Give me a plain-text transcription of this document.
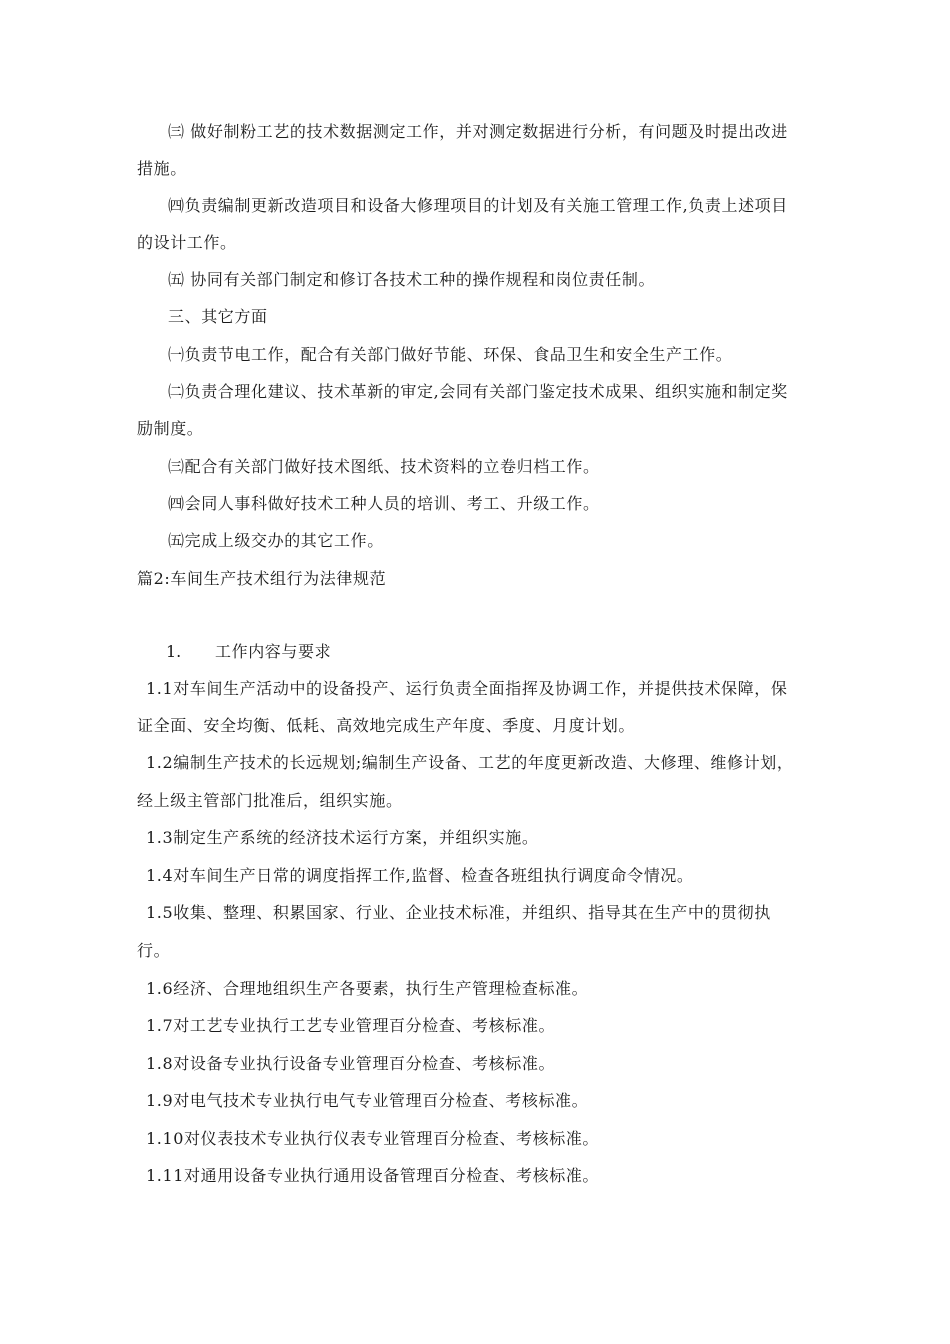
㈢ 做好制粉工艺的技术数据测定工作，并对测定数据进行分析，有问题及时提出改进
措施。
㈣负责编制更新改造项目和设备大修理项目的计划及有关施工管理工作,负责上述项目
的设计工作。
㈤ 协同有关部门制定和修订各技术工种的操作规程和岗位责任制。
三、其它方面
㈠负责节电工作，配合有关部门做好节能、环保、食品卫生和安全生产工作。
㈡负责合理化建议、技术革新的审定,会同有关部门鉴定技术成果、组织实施和制定奖
励制度。
㈢配合有关部门做好技术图纸、技术资料的立卷归档工作。
㈣会同人事科做好技术工种人员的培训、考工、升级工作。
㈤完成上级交办的其它工作。
篇2:车间生产技术组行为法律规范
1. 工作内容与要求
1.1对车间生产活动中的设备投产、运行负责全面指挥及协调工作，并提供技术保障，保
证全面、安全均衡、低耗、高效地完成生产年度、季度、月度计划。
1.2编制生产技术的长远规划;编制生产设备、工艺的年度更新改造、大修理、维修计划，
经上级主管部门批准后，组织实施。
1.3制定生产系统的经济技术运行方案，并组织实施。
1.4对车间生产日常的调度指挥工作,监督、检查各班组执行调度命令情况。
1.5收集、整理、积累国家、行业、企业技术标准，并组织、指导其在生产中的贯彻执
行。
1.6经济、合理地组织生产各要素，执行生产管理检查标准。
1.7对工艺专业执行工艺专业管理百分检查、考核标准。
1.8对设备专业执行设备专业管理百分检查、考核标准。
1.9对电气技术专业执行电气专业管理百分检查、考核标准。
1.10对仪表技术专业执行仪表专业管理百分检查、考核标准。
1.11对通用设备专业执行通用设备管理百分检查、考核标准。
